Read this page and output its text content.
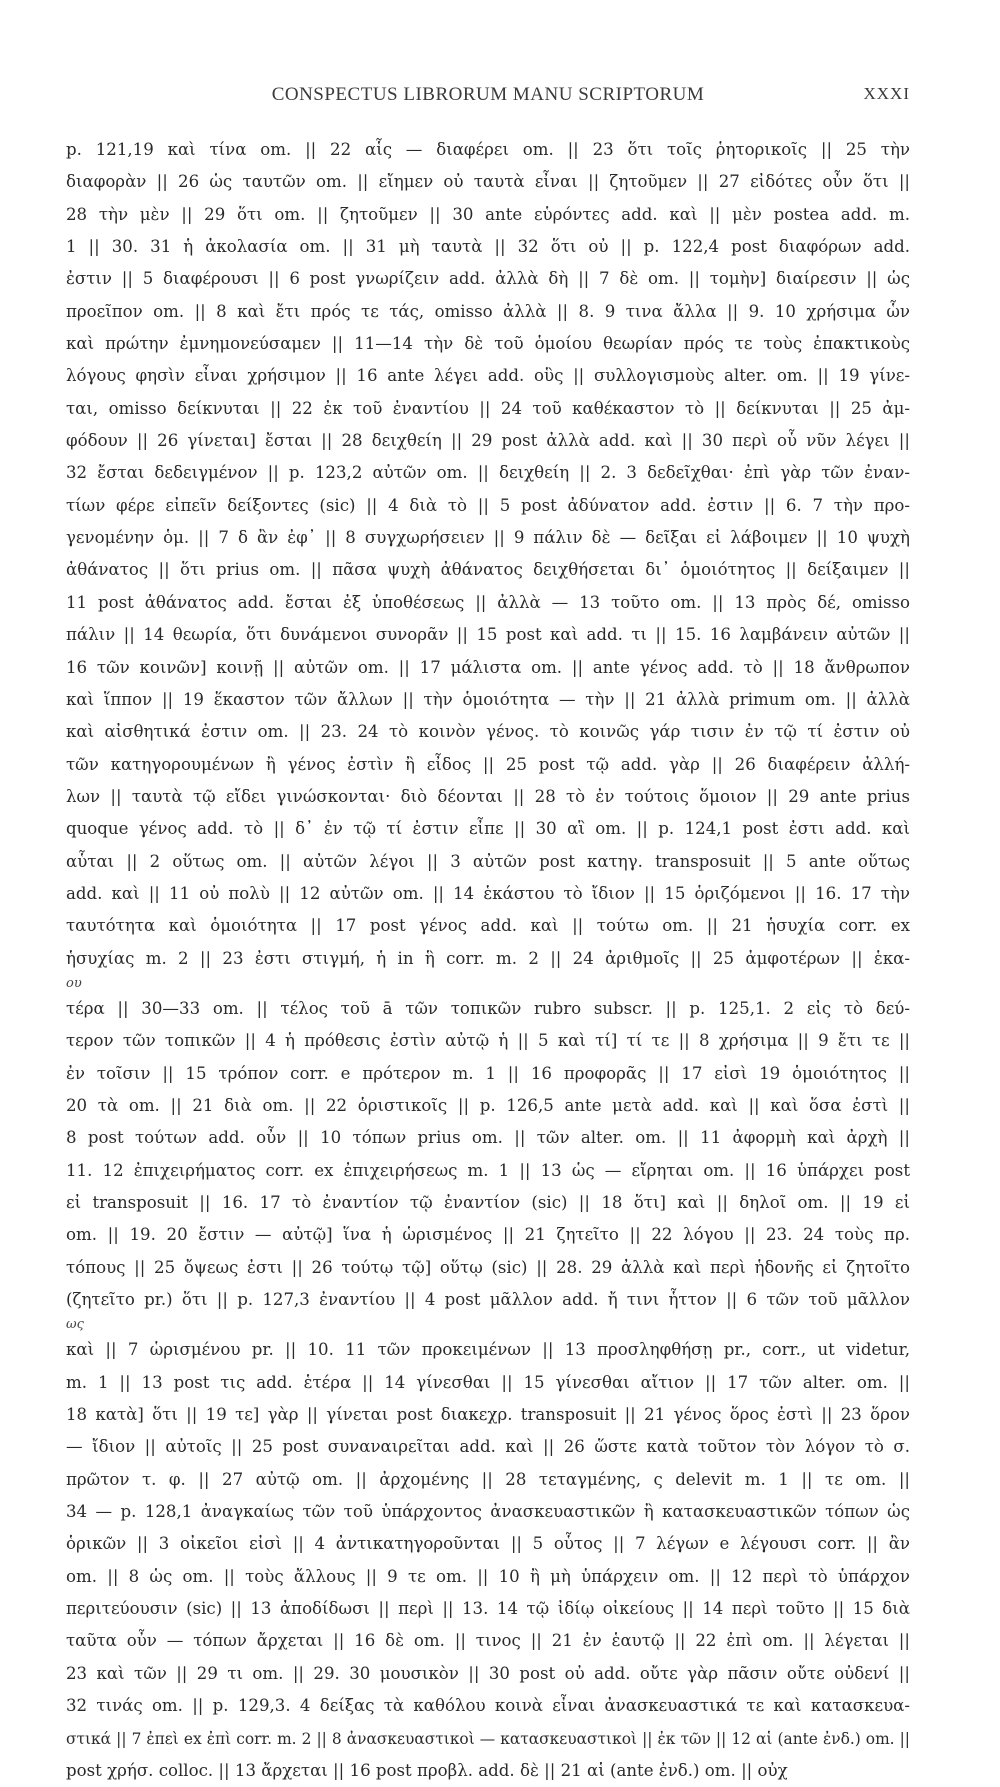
CONSPECTUS LIBRORUM MANU SCRIPTORUM	XXXI
p. 121,19 καὶ τίνα om. || 22 αἷς — διαφέρει om. || 23 ὅτι τοῖς ῥητορικοῖς || 25 τὴν
διαφορὰν || 26 ὡς ταυτῶν om. || εἴημεν οὐ ταυτὰ εἶναι || ζητοῦμεν || 27 εἰδότες οὖν ὅτι ||
28 τὴν μὲν || 29 ὅτι om. || ζητοῦμεν || 30 ante εὑρόντες add. καὶ || μὲν postea add. m.
1 || 30. 31 ἡ ἀκολασία om. || 31 μὴ ταυτὰ || 32 ὅτι οὐ || p. 122,4 post διαφόρων add.
ἐστιν || 5 διαφέρουσι || 6 post γνωρίζειν add. ἀλλὰ δὴ || 7 δὲ om. || τομὴν] διαίρεσιν || ὡς
προεῖπον om. || 8 καὶ ἔτι πρός τε τάς, omisso ἀλλὰ || 8. 9 τινα ἄλλα || 9. 10 χρήσιμα ὧν
καὶ πρώτην ἐμνημονεύσαμεν || 11—14 τὴν δὲ τοῦ ὁμοίου θεωρίαν πρός τε τοὺς ἐπακτικοὺς
λόγους φησὶν εἶναι χρήσιμον || 16 ante λέγει add. οὓς || συλλογισμοὺς alter. om. || 19 γίνε-
ται, omisso δείκνυται || 22 ἐκ τοῦ ἐναντίου || 24 τοῦ καθέκαστον τὸ || δείκνυται || 25 ἀμ-
φόδουν || 26 γίνεται] ἔσται || 28 δειχθείη || 29 post ἀλλὰ add. καὶ || 30 περὶ οὗ νῦν λέγει ||
32 ἔσται δεδειγμένον || p. 123,2 αὐτῶν om. || δειχθείη || 2. 3 δεδεῖχθαι· ἐπὶ γὰρ τῶν ἐναν-
τίων φέρε εἰπεῖν δείξοντες (sic) || 4 διὰ τὸ || 5 post ἀδύνατον add. ἐστιν || 6. 7 τὴν προ-
γενομένην ὁμ. || 7 δ ἂν ἐφ᾽ || 8 συγχωρήσειεν || 9 πάλιν δὲ — δεῖξαι εἰ λάβοιμεν || 10 ψυχὴ
ἀθάνατος || ὅτι prius om. || πᾶσα ψυχὴ ἀθάνατος δειχθήσεται δι᾽ ὁμοιότητος || δείξαιμεν ||
11 post ἀθάνατος add. ἔσται ἐξ ὑποθέσεως || ἀλλὰ — 13 τοῦτο om. || 13 πρὸς δέ, omisso
πάλιν || 14 θεωρία, ὅτι δυνάμενοι συνορᾶν || 15 post καὶ add. τι || 15. 16 λαμβάνειν αὐτῶν ||
16 τῶν κοινῶν] κοινῇ || αὐτῶν om. || 17 μάλιστα om. || ante γένος add. τὸ || 18 ἄνθρωπον
καὶ ἵππον || 19 ἕκαστον τῶν ἄλλων || τὴν ὁμοιότητα — τὴν || 21 ἀλλὰ primum om. || ἀλλὰ
καὶ αἰσθητικά ἐστιν om. || 23. 24 τὸ κοινὸν γένος. τὸ κοινῶς γάρ τισιν ἐν τῷ τί ἐστιν οὐ
τῶν κατηγορουμένων ἢ γένος ἐστὶν ἢ εἶδος || 25 post τῷ add. γὰρ || 26 διαφέρειν ἀλλή-
λων || ταυτὰ τῷ εἴδει γινώσκονται· διὸ δέονται || 28 τὸ ἐν τούτοις ὅμοιον || 29 ante prius
quoque γένος add. τὸ || δ᾽ ἐν τῷ τί ἐστιν εἶπε || 30 αἳ om. || p. 124,1 post ἐστι add. καὶ
αὗται || 2 οὕτως om. || αὐτῶν λέγοι || 3 αὐτῶν post κατηγ. transposuit || 5 ante οὕτως
add. καὶ || 11 οὐ πολὺ || 12 αὐτῶν om. || 14 ἑκάστου τὸ ἴδιον || 15 ὁριζόμενοι || 16. 17 τὴν
ταυτότητα καὶ ὁμοιότητα || 17 post γένος add. καὶ || τούτω om. || 21 ἡσυχία corr. ex
ἡσυχίας m. 2 || 23 ἐστι στιγμή, ἡ in ἣ corr. m. 2 || 24 ἀριθμοῖς || 25 ἀμφοτέρων || ἑκα-
ου
τέρα || 30—33 om. || τέλος τοῦ ā τῶν τοπικῶν rubro subscr. || p. 125,1. 2 εἰς τὸ δεύ-
τερον τῶν τοπικῶν || 4 ἡ πρόθεσις ἐστὶν αὐτῷ ἡ || 5 καὶ τί] τί τε || 8 χρήσιμα || 9 ἔτι τε ||
ἐν τοῖσιν || 15 τρόπον corr. e πρότερον m. 1 || 16 προφορᾶς || 17 εἰσὶ 19 ὁμοιότητος ||
20 τὰ om. || 21 διὰ om. || 22 ὁριστικοῖς || p. 126,5 ante μετὰ add. καὶ || καὶ ὅσα ἐστὶ ||
8 post τούτων add. οὖν || 10 τόπων prius om. || τῶν alter. om. || 11 ἀφορμὴ καὶ ἀρχὴ ||
11. 12 ἐπιχειρήματος corr. ex ἐπιχειρήσεως m. 1 || 13 ὡς — εἴρηται om. || 16 ὑπάρχει post
εἰ transposuit || 16. 17 τὸ ἐναντίον τῷ ἐναντίον (sic) || 18 ὅτι] καὶ || δηλοῖ om. || 19 εἰ
om. || 19. 20 ἔστιν — αὐτῷ] ἵνα ἡ ὡρισμένος || 21 ζητεῖτο || 22 λόγου || 23. 24 τοὺς πρ.
τόπους || 25 ὄψεως ἐστι || 26 τούτῳ τῷ] οὕτῳ (sic) || 28. 29 ἀλλὰ καὶ περὶ ἡδονῆς εἰ ζητοῖτο
(ζητεῖτο pr.) ὅτι || p. 127,3 ἐναντίου || 4 post μᾶλλον add. ἤ τινι ἧττον || 6 τῶν τοῦ μᾶλλον
ως
καὶ || 7 ὡρισμένου pr. || 10. 11 τῶν προκειμένων || 13 προσληφθήσῃ pr., corr., ut videtur,
m. 1 || 13 post τις add. ἑτέρα || 14 γίνεσθαι || 15 γίνεσθαι αἴτιον || 17 τῶν alter. om. ||
18 κατὰ] ὅτι || 19 τε] γὰρ || γίνεται post διακεχρ. transposuit || 21 γένος ὅρος ἐστὶ || 23 ὅρον
— ἴδιον || αὐτοῖς || 25 post συναναιρεῖται add. καὶ || 26 ὥστε κατὰ τοῦτον τὸν λόγον τὸ σ.
πρῶτον τ. φ. || 27 αὐτῷ om. || ἀρχομένης || 28 τεταγμένης, ς delevit m. 1 || τε om. ||
34 — p. 128,1 ἀναγκαίως τῶν τοῦ ὑπάρχοντος ἀνασκευαστικῶν ἢ κατασκευαστικῶν τόπων ὡς
ὁρικῶν || 3 οἰκεῖοι εἰσὶ || 4 ἀντικατηγοροῦνται || 5 οὗτος || 7 λέγων e λέγουσι corr. || ἂν
om. || 8 ὡς om. || τοὺς ἄλλους || 9 τε om. || 10 ἢ μὴ ὑπάρχειν om. || 12 περὶ τὸ ὑπάρχον
περιτεύουσιν (sic) || 13 ἀποδίδωσι || περὶ || 13. 14 τῷ ἰδίῳ οἰκείους || 14 περὶ τοῦτο || 15 διὰ
ταῦτα οὖν — τόπων ἄρχεται || 16 δὲ om. || τινος || 21 ἐν ἑαυτῷ || 22 ἐπὶ om. || λέγεται ||
23 καὶ τῶν || 29 τι om. || 29. 30 μουσικὸν || 30 post οὐ add. οὔτε γὰρ πᾶσιν οὔτε οὐδενί ||
32 τινάς om. || p. 129,3. 4 δείξας τὰ καθόλου κοινὰ εἶναι ἀνασκευαστικά τε καὶ κατασκευα-
στικά || 7 ἐπεὶ ex ἐπὶ corr. m. 2 || 8 ἀνασκευαστικοὶ — κατασκευαστικοὶ || ἐκ τῶν || 12 αἱ (ante ἐνδ.) om. ||
post χρήσ. colloc. || 13 ἄρχεται || 16 post προβλ. add. δὲ || 21 αἱ (ante ἐνδ.) om. || οὐχ
